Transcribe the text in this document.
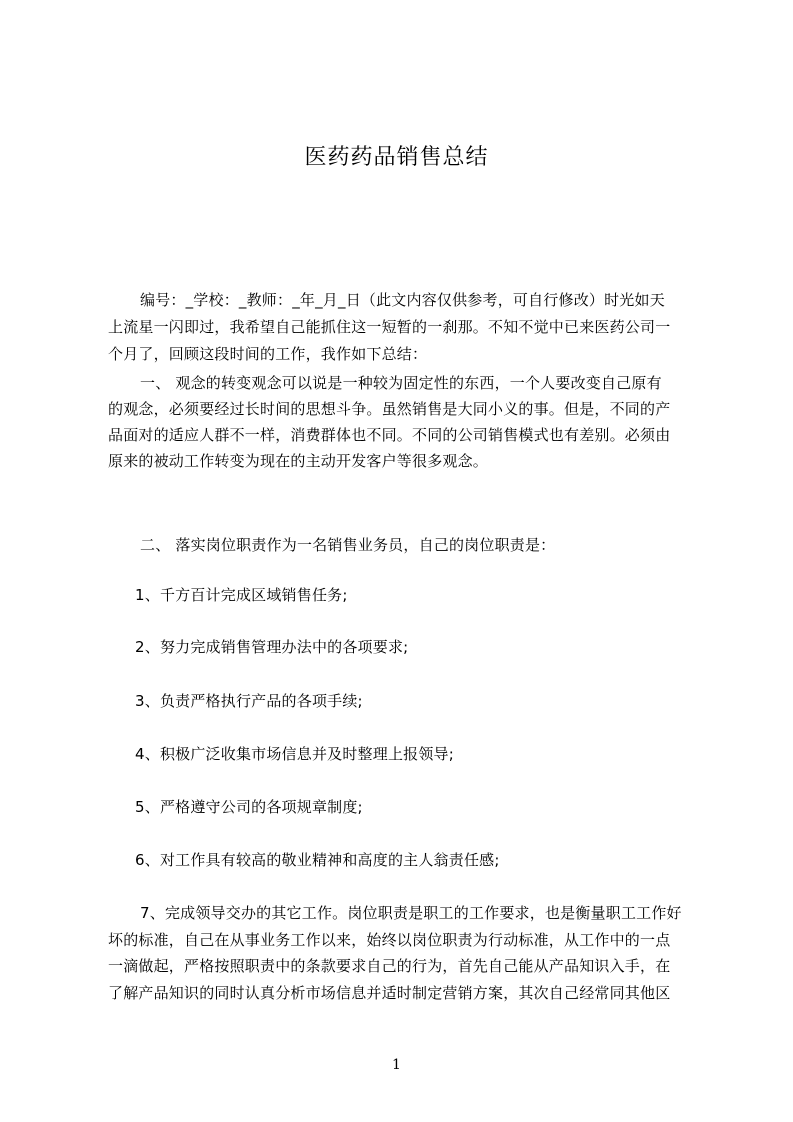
医药药品销售总结
编号：_学校：_教师：_年_月_日（此文内容仅供参考，可自行修改）时光如天
上流星一闪即过，我希望自己能抓住这一短暂的一刹那。不知不觉中已来医药公司一
个月了，回顾这段时间的工作，我作如下总结：
一、 观念的转变观念可以说是一种较为固定性的东西，一个人要改变自己原有
的观念，必须要经过长时间的思想斗争。虽然销售是大同小义的事。但是，不同的产
品面对的适应人群不一样，消费群体也不同。不同的公司销售模式也有差别。必须由
原来的被动工作转变为现在的主动开发客户等很多观念。
二、 落实岗位职责作为一名销售业务员，自己的岗位职责是：
1、千方百计完成区域销售任务;
2、努力完成销售管理办法中的各项要求;
3、负责严格执行产品的各项手续;
4、积极广泛收集市场信息并及时整理上报领导;
5、严格遵守公司的各项规章制度;
6、对工作具有较高的敬业精神和高度的主人翁责任感;
7、完成领导交办的其它工作。岗位职责是职工的工作要求，也是衡量职工工作好
坏的标准，自己在从事业务工作以来，始终以岗位职责为行动标准，从工作中的一点
一滴做起，严格按照职责中的条款要求自己的行为，首先自己能从产品知识入手，在
了解产品知识的同时认真分析市场信息并适时制定营销方案，其次自己经常同其他区
1
